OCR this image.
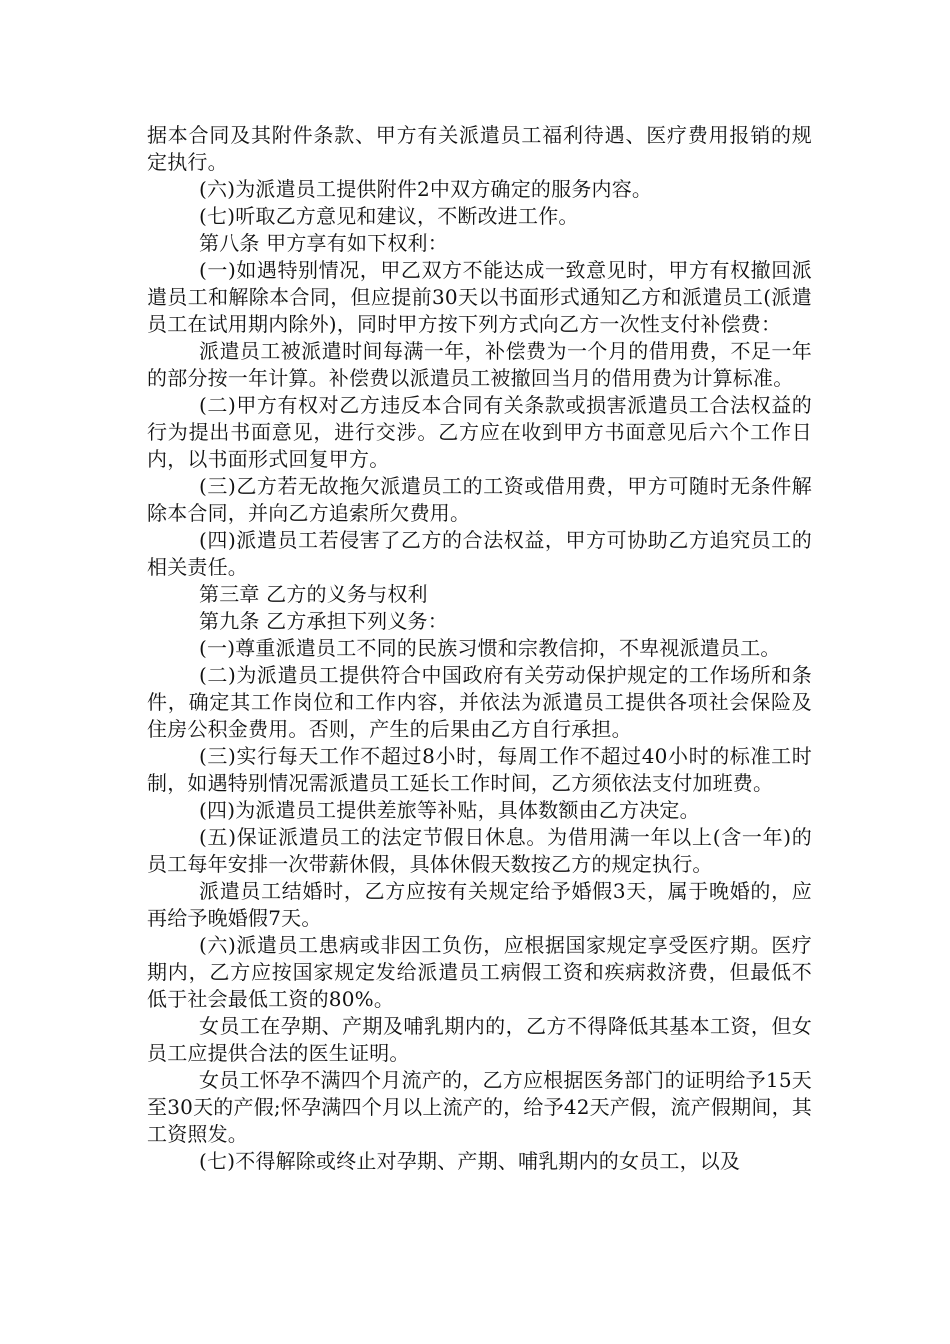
据本合同及其附件条款、甲方有关派遣员工福利待遇、医疗费用报销的规定执行。

(六)为派遣员工提供附件2中双方确定的服务内容。

(七)听取乙方意见和建议，不断改进工作。

第八条 甲方享有如下权利：

(一)如遇特别情况，甲乙双方不能达成一致意见时，甲方有权撤回派遣员工和解除本合同，但应提前30天以书面形式通知乙方和派遣员工(派遣员工在试用期内除外)，同时甲方按下列方式向乙方一次性支付补偿费：

派遣员工被派遣时间每满一年，补偿费为一个月的借用费，不足一年的部分按一年计算。补偿费以派遣员工被撤回当月的借用费为计算标准。

(二)甲方有权对乙方违反本合同有关条款或损害派遣员工合法权益的行为提出书面意见，进行交涉。乙方应在收到甲方书面意见后六个工作日内，以书面形式回复甲方。

(三)乙方若无故拖欠派遣员工的工资或借用费，甲方可随时无条件解除本合同，并向乙方追索所欠费用。

(四)派遣员工若侵害了乙方的合法权益，甲方可协助乙方追究员工的相关责任。

第三章 乙方的义务与权利

第九条 乙方承担下列义务：

(一)尊重派遣员工不同的民族习惯和宗教信抑，不卑视派遣员工。

(二)为派遣员工提供符合中国政府有关劳动保护规定的工作场所和条件，确定其工作岗位和工作内容，并依法为派遣员工提供各项社会保险及住房公积金费用。否则，产生的后果由乙方自行承担。

(三)实行每天工作不超过8小时，每周工作不超过40小时的标准工时制，如遇特别情况需派遣员工延长工作时间，乙方须依法支付加班费。

(四)为派遣员工提供差旅等补贴，具体数额由乙方决定。

(五)保证派遣员工的法定节假日休息。为借用满一年以上(含一年)的员工每年安排一次带薪休假，具体休假天数按乙方的规定执行。

派遣员工结婚时，乙方应按有关规定给予婚假3天，属于晚婚的，应再给予晚婚假7天。

(六)派遣员工患病或非因工负伤，应根据国家规定享受医疗期。医疗期内，乙方应按国家规定发给派遣员工病假工资和疾病救济费，但最低不低于社会最低工资的80%。

女员工在孕期、产期及哺乳期内的，乙方不得降低其基本工资，但女员工应提供合法的医生证明。

女员工怀孕不满四个月流产的，乙方应根据医务部门的证明给予15天至30天的产假;怀孕满四个月以上流产的，给予42天产假，流产假期间，其工资照发。

(七)不得解除或终止对孕期、产期、哺乳期内的女员工，以及
